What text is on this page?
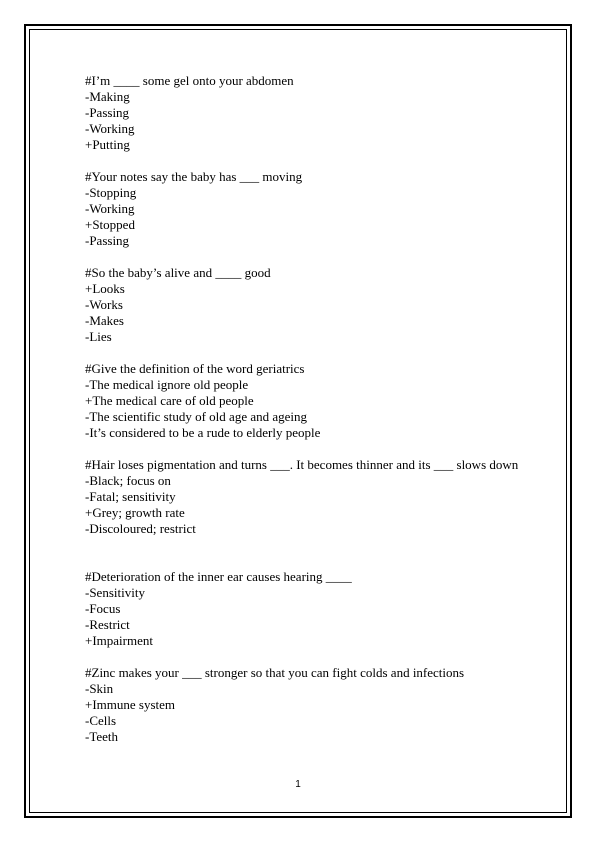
#I’m ____ some gel onto your abdomen
-Making
-Passing
-Working
+Putting
#Your notes say the baby has ___ moving
-Stopping
-Working
+Stopped
-Passing
#So the baby’s alive and ____ good
+Looks
-Works
-Makes
-Lies
#Give the definition of the word geriatrics
-The medical ignore old people
+The medical care of old people
-The scientific study of old age and ageing
-It’s considered to be a rude to elderly people
#Hair loses pigmentation and turns ___. It becomes thinner and its ___ slows down
-Black; focus on
-Fatal; sensitivity
+Grey; growth rate
-Discoloured; restrict
#Deterioration of the inner ear causes hearing ____
-Sensitivity
-Focus
-Restrict
+Impairment
#Zinc makes your ___ stronger so that you can fight colds and infections
-Skin
+Immune system
-Cells
-Teeth
1
